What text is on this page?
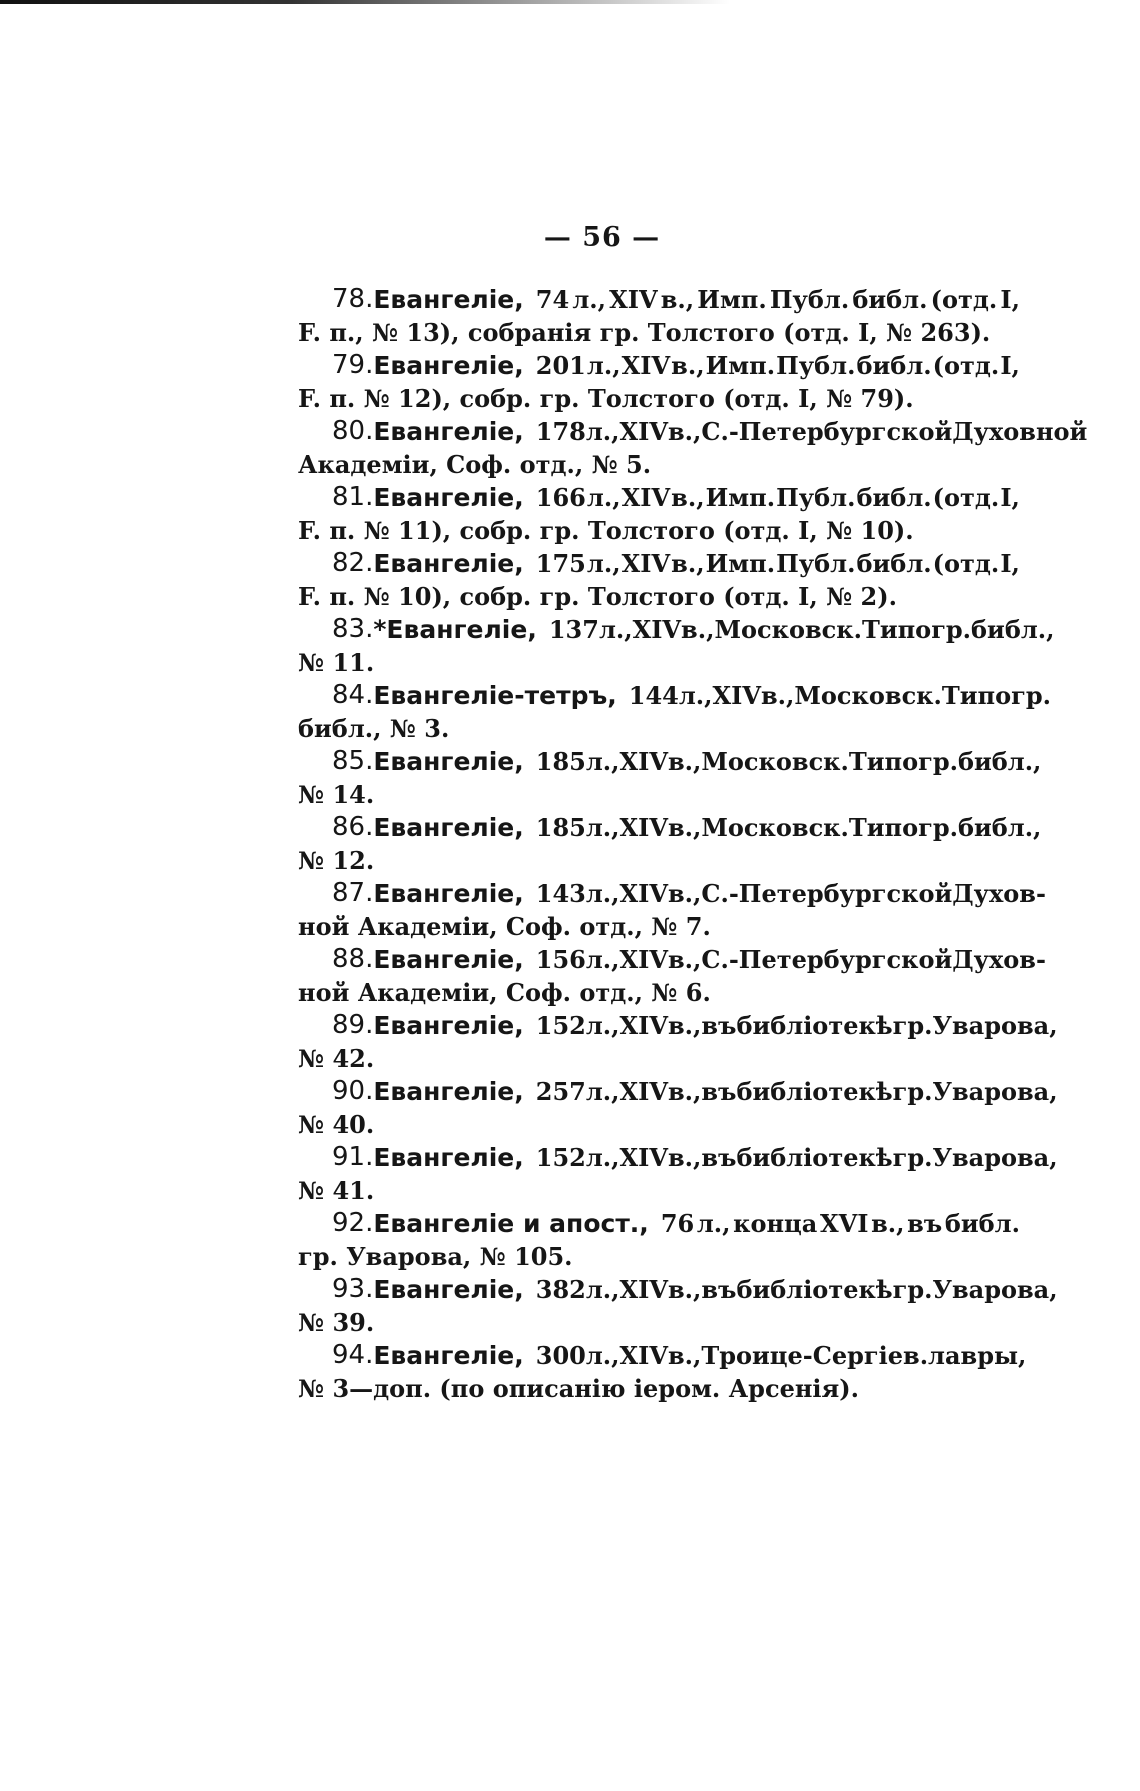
— 56 —
78. Евангеліе, 74 л., XIV в., Имп. Публ. библ. (отд. I,
F. п., № 13), собранія гр. Толстого (отд. I, № 263).
79. Евангеліе, 201 л., XIV в., Имп. Публ. библ. (отд. I,
F. п. № 12), собр. гр. Толстого (отд. I, № 79).
80. Евангеліе, 178 л., XIV в., С.-Петербургской Духовной
Академіи, Соф. отд., № 5.
81. Евангеліе, 166 л., XIV в., Имп. Публ. библ. (отд. I,
F. п. № 11), собр. гр. Толстого (отд. I, № 10).
82. Евангеліе, 175 л., XIV в., Имп. Публ. библ. (отд. I,
F. п. № 10), собр. гр. Толстого (отд. I, № 2).
83. *Евангеліе, 137 л., XIV в., Московск. Типогр. библ.,
№ 11.
84. Евангеліе-тетръ, 144 л., XIV в., Московск. Типогр.
библ., № 3.
85. Евангеліе, 185 л., XIV в., Московск. Типогр. библ.,
№ 14.
86. Евангеліе, 185 л., XIV в., Московск. Типогр. библ.,
№ 12.
87. Евангеліе, 143 л., XIV в., С.-Петербургской Духов-
ной Академіи, Соф. отд., № 7.
88. Евангеліе, 156 л., XIV в., С.-Петербургской Духов-
ной Академіи, Соф. отд., № 6.
89. Евангеліе, 152 л., XIV в., въ библіотекѣ гр. Уварова,
№ 42.
90. Евангеліе, 257 л., XIV в., въ библіотекѣ гр. Уварова,
№ 40.
91. Евангеліе, 152 л., XIV в., въ библіотекѣ гр. Уварова,
№ 41.
92. Евангеліе и апост., 76 л., конца XVI в., въ библ.
гр. Уварова, № 105.
93. Евангеліе, 382 л., XIV в., въ библіотекѣ гр. Уварова,
№ 39.
94. Евангеліе, 300 л., XIV в., Троице-Сергіев. лавры,
№ 3—доп. (по описанію іером. Арсенія).
